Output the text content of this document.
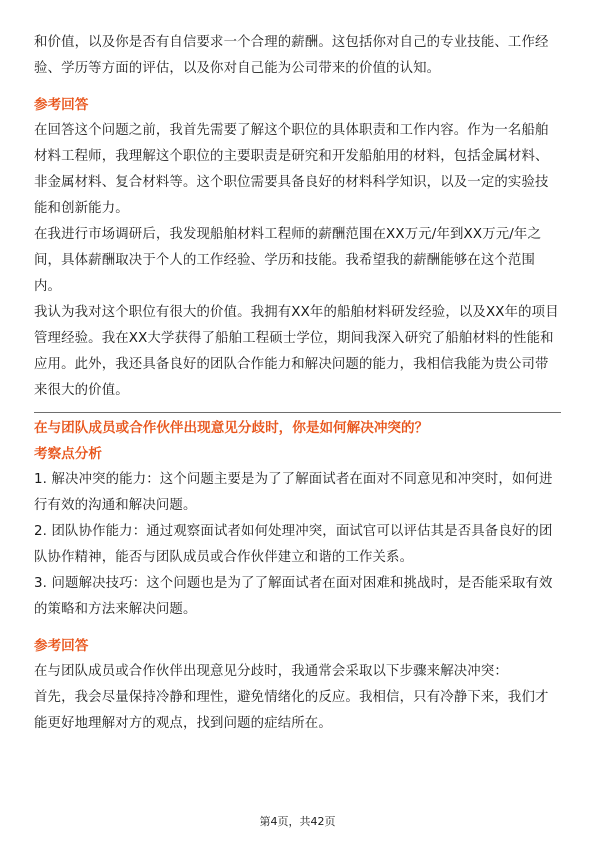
和价值，以及你是否有自信要求一个合理的薪酬。这包括你对自己的专业技能、工作经验、学历等方面的评估，以及你对自己能为公司带来的价值的认知。

参考回答

在回答这个问题之前，我首先需要了解这个职位的具体职责和工作内容。作为一名船舶材料工程师，我理解这个职位的主要职责是研究和开发船舶用的材料，包括金属材料、非金属材料、复合材料等。这个职位需要具备良好的材料科学知识，以及一定的实验技能和创新能力。

在我进行市场调研后，我发现船舶材料工程师的薪酬范围在XX万元/年到XX万元/年之间，具体薪酬取决于个人的工作经验、学历和技能。我希望我的薪酬能够在这个范围内。

我认为我对这个职位有很大的价值。我拥有XX年的船舶材料研发经验，以及XX年的项目管理经验。我在XX大学获得了船舶工程硕士学位，期间我深入研究了船舶材料的性能和应用。此外，我还具备良好的团队合作能力和解决问题的能力，我相信我能为贵公司带来很大的价值。

在与团队成员或合作伙伴出现意见分歧时，你是如何解决冲突的？
考察点分析

1. 解决冲突的能力：这个问题主要是为了了解面试者在面对不同意见和冲突时，如何进行有效的沟通和解决问题。

2. 团队协作能力：通过观察面试者如何处理冲突，面试官可以评估其是否具备良好的团队协作精神，能否与团队成员或合作伙伴建立和谐的工作关系。

3. 问题解决技巧：这个问题也是为了了解面试者在面对困难和挑战时，是否能采取有效的策略和方法来解决问题。

参考回答

在与团队成员或合作伙伴出现意见分歧时，我通常会采取以下步骤来解决冲突：

首先，我会尽量保持冷静和理性，避免情绪化的反应。我相信，只有冷静下来，我们才能更好地理解对方的观点，找到问题的症结所在。

第4页，共42页
